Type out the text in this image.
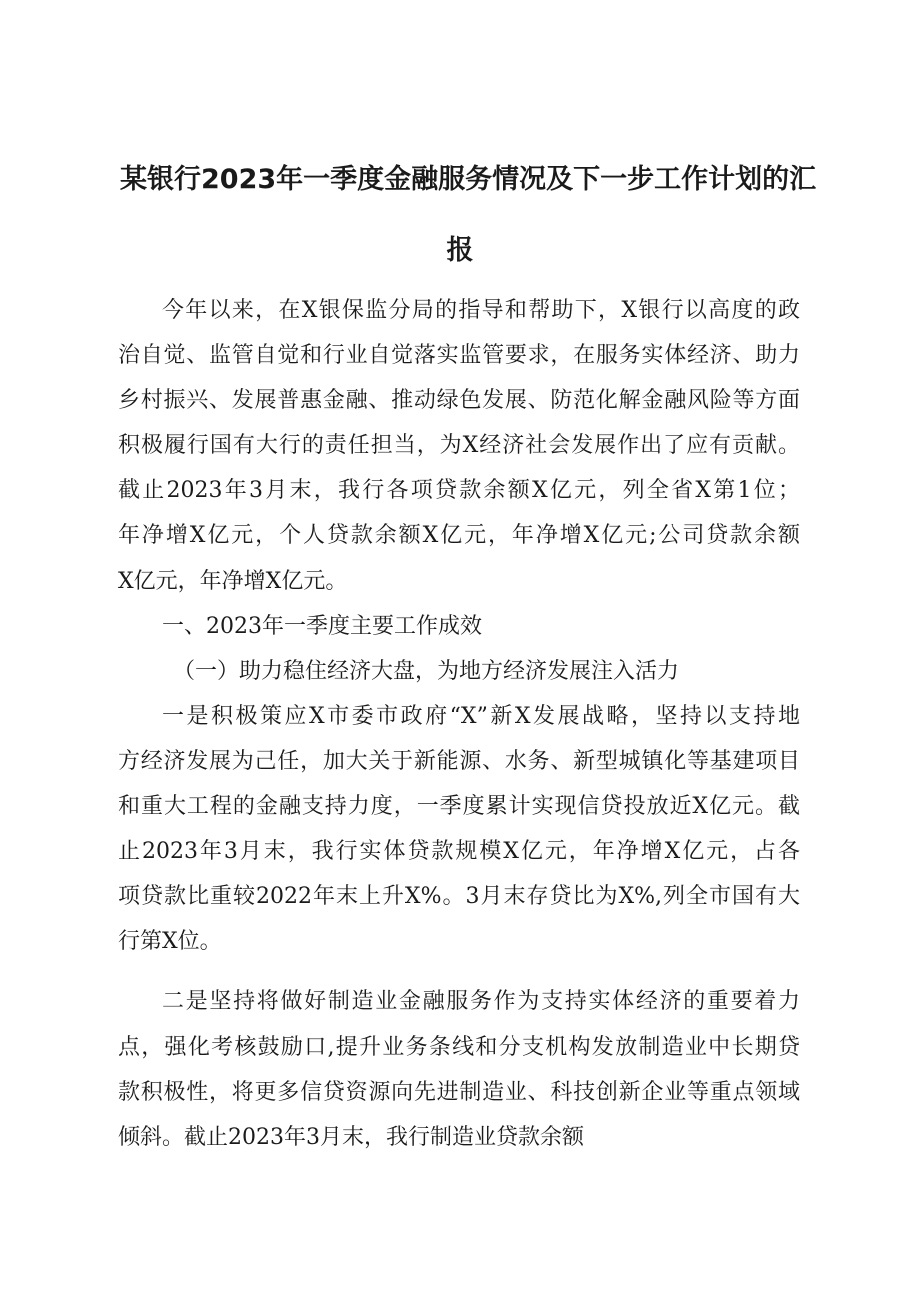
某银行2023年一季度金融服务情况及下一步工作计划的汇
报
今年以来，在X银保监分局的指导和帮助下，X银行以高度的政
治自觉、监管自觉和行业自觉落实监管要求，在服务实体经济、助力
乡村振兴、发展普惠金融、推动绿色发展、防范化解金融风险等方面
积极履行国有大行的责任担当，为X经济社会发展作出了应有贡献。
截止2023年3月末，我行各项贷款余额X亿元，列全省X第1位；
年净增X亿元，个人贷款余额X亿元，年净增X亿元;公司贷款余额
X亿元，年净增X亿元。
一、2023年一季度主要工作成效
（一）助力稳住经济大盘，为地方经济发展注入活力
一是积极策应X市委市政府“X”新X发展战略，坚持以支持地
方经济发展为己任，加大关于新能源、水务、新型城镇化等基建项目
和重大工程的金融支持力度，一季度累计实现信贷投放近X亿元。截
止2023年3月末，我行实体贷款规模X亿元，年净增X亿元，占各
项贷款比重较2022年末上升X%。3月末存贷比为X%,列全市国有大
行第X位。
二是坚持将做好制造业金融服务作为支持实体经济的重要着力
点，强化考核鼓励口,提升业务条线和分支机构发放制造业中长期贷
款积极性，将更多信贷资源向先进制造业、科技创新企业等重点领域
倾斜。截止2023年3月末，我行制造业贷款余额
